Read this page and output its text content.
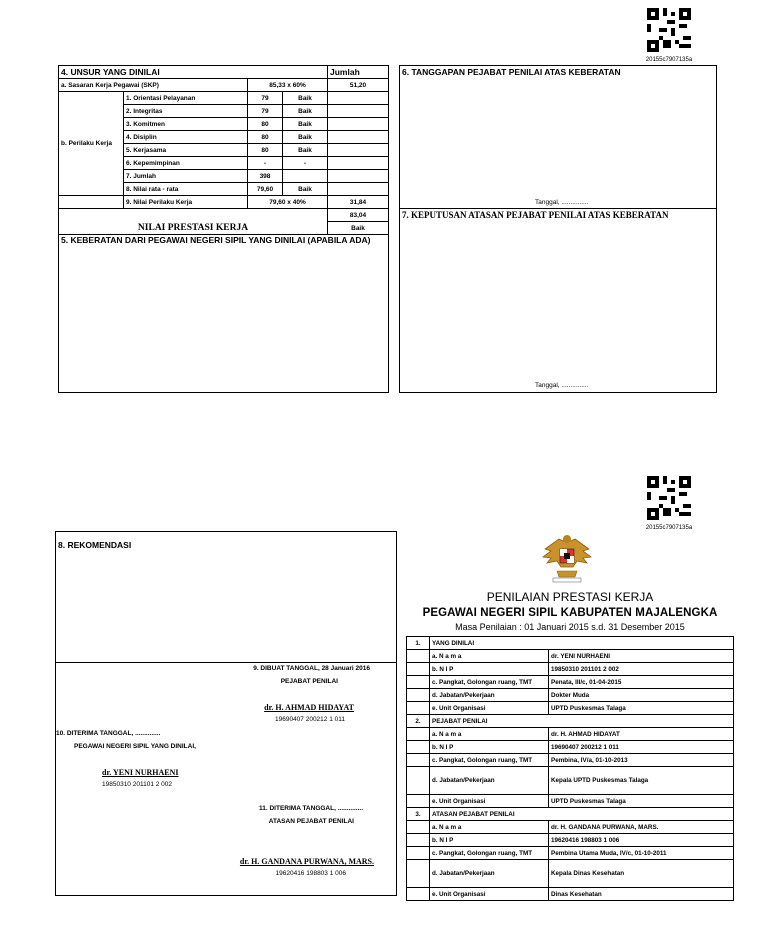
20155c7907135a
4. UNSUR YANG DINILAI				Jumlah
a. Sasaran Kerja Pegawai (SKP)		85,33 x 60%		51,20
b. Perilaku Kerja	1. Orientasi Pelayanan	79	Baik	
	2. Integritas	79	Baik	
	3. Komitmen	80	Baik	
	4. Disiplin	80	Baik	
	5. Kerjasama	80	Baik	
	6. Kepemimpinan	-	-	
	7. Jumlah	398		
	8. Nilai rata - rata	79,60	Baik	
	9. Nilai Perilaku Kerja	79,60 x 40%		31,84
NILAI PRESTASI KERJA				83,04
				Baik
5. KEBERATAN DARI PEGAWAI NEGERI SIPIL YANG DINILAI (APABILA ADA)
6. TANGGAPAN PEJABAT PENILAI ATAS KEBERATAN
Tanggal, ...............
7. KEPUTUSAN ATASAN PEJABAT PENILAI ATAS KEBERATAN
Tanggal, ...............
20155c7907135a
8. REKOMENDASI
9. DIBUAT TANGGAL, 28 Januari 2016
PEJABAT PENILAI
dr. H. AHMAD HIDAYAT
19690407 200212 1 011
10. DITERIMA TANGGAL, ..............
PEGAWAI NEGERI SIPIL YANG DINILAI,
dr. YENI NURHAENI
19850310 201101 2 002
11. DITERIMA TANGGAL, ..............
ATASAN PEJABAT PENILAI
dr. H. GANDANA PURWANA, MARS.
19620416 198803 1 006
PENILAIAN PRESTASI KERJA
PEGAWAI NEGERI SIPIL KABUPATEN MAJALENGKA
Masa Penilaian : 01 Januari 2015 s.d. 31 Desember 2015
1.	YANG DINILAI	
	a. N a m a	dr. YENI NURHAENI
	b. N I P	19850310 201101 2 002
	c. Pangkat, Golongan ruang, TMT	Penata, III/c, 01-04-2015
	d. Jabatan/Pekerjaan	Dokter Muda
	e. Unit Organisasi	UPTD Puskesmas Talaga
2.	PEJABAT PENILAI	
	a. N a m a	dr. H. AHMAD HIDAYAT
	b. N I P	19690407 200212 1 011
	c. Pangkat, Golongan ruang, TMT	Pembina, IV/a, 01-10-2013
	d. Jabatan/Pekerjaan	Kepala UPTD Puskesmas Talaga
	e. Unit Organisasi	UPTD Puskesmas Talaga
3.	ATASAN PEJABAT PENILAI	
	a. N a m a	dr. H. GANDANA PURWANA, MARS.
	b. N I P	19620416 198803 1 006
	c. Pangkat, Golongan ruang, TMT	Pembina Utama Muda, IV/c, 01-10-2011
	d. Jabatan/Pekerjaan	Kepala Dinas Kesehatan
	e. Unit Organisasi	Dinas Kesehatan
